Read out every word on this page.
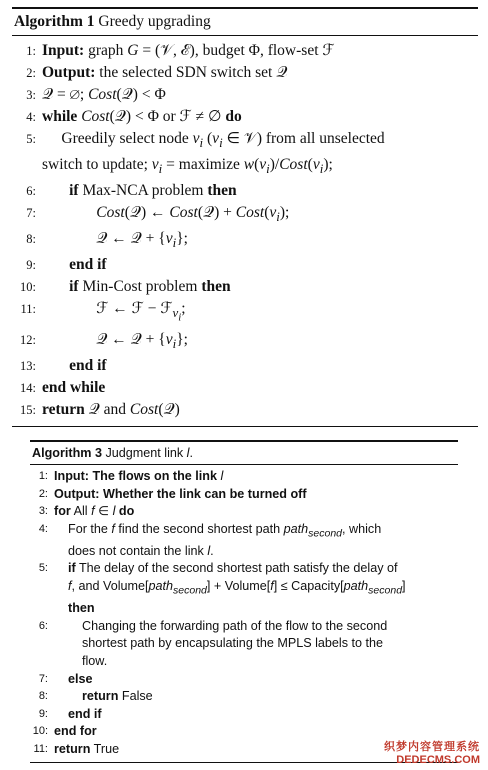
Algorithm 1 Greedy upgrading
1: Input: graph G = (𝒱, ℰ), budget Φ, flow-set ℱ
2: Output: the selected SDN switch set 𝒬
3: 𝒬 = ∅; Cost(𝒬) < Φ
4: while Cost(𝒬) < Φ or ℱ ≠ ∅ do
5: Greedily select node $v_i$ ($v_i$ ∈ 𝒱) from all unselected
switch to update; $v_i$ = maximize $w(v_i)/Cost(v_i)$;
6:	if Max-NCA problem then
7:	Cost(𝒬) ← Cost(𝒬) + $Cost(v_i)$;
8: 𝒬 ← 𝒬 + $\{v_i\}$;
9:	end if
10:	if Min-Cost problem then
11: ℱ ← ℱ − ℱ$_{v_i}$;
12: 𝒬 ← 𝒬 + $\{v_i\}$;
13:	end if
14: end while
15: return 𝒬 and Cost(𝒬)
Algorithm 3 Judgment link l.
1: Input: The flows on the link l
2: Output: Whether the link can be turned off
3: for All f ∈ l do
4: For the f find the second shortest path path$_{second}$, which
does not contain the link l.
5:	if The delay of the second shortest path satisfy the delay of
f, and Volume[path$_{second}$] + Volume[f] ≤ Capacity[path$_{second}$]
then
6: Changing the forwarding path of the flow to the second
shortest path by encapsulating the MPLS labels to the
flow.
7:	else
8:	return False
9:	end if
10: end for
11: return True	织梦内容管理系统
DEDECMS.COM
